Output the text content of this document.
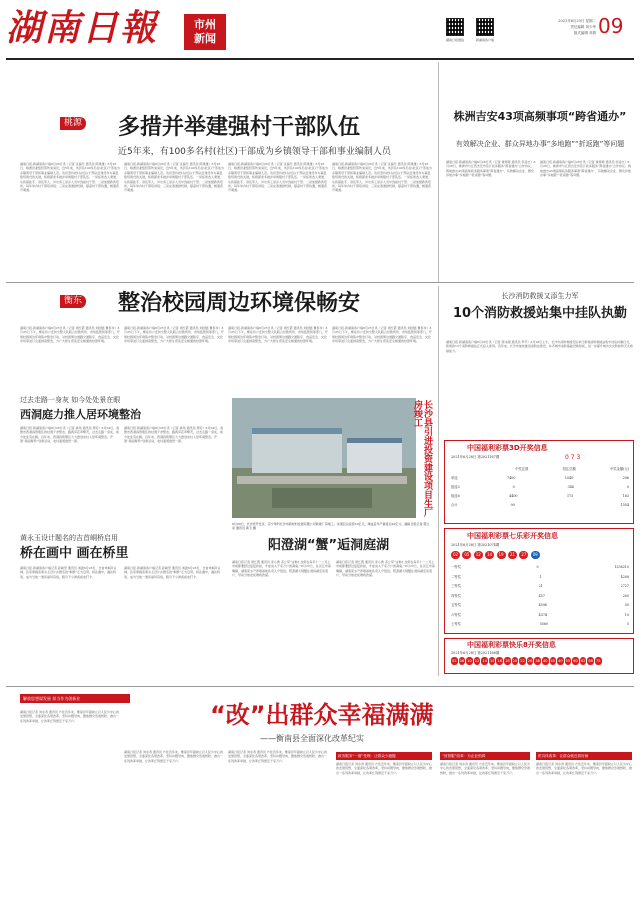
湖南日報	市州
新闻	湖南日报微信	新湖南客户端
2021年6月29日 星期二
责任编辑 刘少华
版式编辑 邓倩 09
桃源 多措并举建强村干部队伍
近5年来，有100多名村(社区)干部成为乡镇领导干部和事业编制人员
湖南日报·新湖南客户端6月28日讯（记者 张福芳 通讯员 陈建雄）6月28日，桃源县委组织部传来消息，近5年来，该县有100多名村(社区)干部成为乡镇领导干部和事业编制人员。该县坚持把村(社区)干部队伍建设作为基层组织建设的关键，积极探索多措并举建强村干部队伍。一是拓宽选人渠道，从致富能手、退伍军人、外出务工返乡人员中选拔村干部；二是加强教育培训，每年举办村干部培训班；三是完善激励机制，提高村干部待遇，畅通晋升渠道。
湖南日报·新湖南客户端6月28日讯（记者 张福芳 通讯员 陈建雄）6月28日，桃源县委组织部传来消息，近5年来，该县有100多名村(社区)干部成为乡镇领导干部和事业编制人员。该县坚持把村(社区)干部队伍建设作为基层组织建设的关键，积极探索多措并举建强村干部队伍。一是拓宽选人渠道，从致富能手、退伍军人、外出务工返乡人员中选拔村干部；二是加强教育培训，每年举办村干部培训班；三是完善激励机制，提高村干部待遇，畅通晋升渠道。
湖南日报·新湖南客户端6月28日讯（记者 张福芳 通讯员 陈建雄）6月28日，桃源县委组织部传来消息，近5年来，该县有100多名村(社区)干部成为乡镇领导干部和事业编制人员。该县坚持把村(社区)干部队伍建设作为基层组织建设的关键，积极探索多措并举建强村干部队伍。一是拓宽选人渠道，从致富能手、退伍军人、外出务工返乡人员中选拔村干部；二是加强教育培训，每年举办村干部培训班；三是完善激励机制，提高村干部待遇，畅通晋升渠道。
湖南日报·新湖南客户端6月28日讯（记者 张福芳 通讯员 陈建雄）6月28日，桃源县委组织部传来消息，近5年来，该县有100多名村(社区)干部成为乡镇领导干部和事业编制人员。该县坚持把村(社区)干部队伍建设作为基层组织建设的关键，积极探索多措并举建强村干部队伍。一是拓宽选人渠道，从致富能手、退伍军人、外出务工返乡人员中选拔村干部；二是加强教育培训，每年举办村干部培训班；三是完善激励机制，提高村干部待遇，畅通晋升渠道。
株洲吉安43项高频事项“跨省通办”
有效解决企业、群众异地办事“多地跑”“折返跑”等问题
湖南日报·新湖南客户端6月28日讯（记者 黄婷婷 通讯员 李凌志）6月28日，株洲市与江西吉安市签订政务服务“跨省通办”合作协议。两地推出43项高频政务服务事项“跨省通办”，有效解决企业、群众异地办事“多地跑”“折返跑”等问题。
湖南日报·新湖南客户端6月28日讯（记者 黄婷婷 通讯员 李凌志）6月28日，株洲市与江西吉安市签订政务服务“跨省通办”合作协议。两地推出43项高频政务服务事项“跨省通办”，有效解决企业、群众异地办事“多地跑”“折返跑”等问题。
衡东 整治校园周边环境保畅安
湖南日报·新湖南客户端6月25日讯（记者 周红霞 通讯员 刘国强 曹泰华）6月25日下午，衡东县公安局交警大队联合县教育局、市场监管局等部门，开展校园周边环境集中整治行动，对校园周边道路交通秩序、食品安全、文化市场等进行全面排查整治，为广大师生营造安全畅通的校园环境。
湖南日报·新湖南客户端6月25日讯（记者 周红霞 通讯员 刘国强 曹泰华）6月25日下午，衡东县公安局交警大队联合县教育局、市场监管局等部门，开展校园周边环境集中整治行动，对校园周边道路交通秩序、食品安全、文化市场等进行全面排查整治，为广大师生营造安全畅通的校园环境。
湖南日报·新湖南客户端6月25日讯（记者 周红霞 通讯员 刘国强 曹泰华）6月25日下午，衡东县公安局交警大队联合县教育局、市场监管局等部门，开展校园周边环境集中整治行动，对校园周边道路交通秩序、食品安全、文化市场等进行全面排查整治，为广大师生营造安全畅通的校园环境。
湖南日报·新湖南客户端6月25日讯（记者 周红霞 通讯员 刘国强 曹泰华）6月25日下午，衡东县公安局交警大队联合县教育局、市场监管局等部门，开展校园周边环境集中整治行动，对校园周边道路交通秩序、食品安全、文化市场等进行全面排查整治，为广大师生营造安全畅通的校园环境。
长沙消防救援又添生力军
10个消防救援站集中挂队执勤
湖南日报·新湖南客户端6月28日讯（记者 陈永刚 通讯员 罗平）6月28日上午，长沙市消防救援支队举行新建消防救援站集中挂队执勤仪式，新建的10个消防救援站正式投入使用。近年来，长沙市加快推进消防站建设，补齐城市消防基础设施短板，进一步提升城市火灾防控和灭火救援能力。
过去走路一身灰 如今处处景在眼
西洞庭力推人居环境整治
湖南日报·新湖南客户端6月28日讯（记者 龚伟 通讯员 周宏）6月24日，常德市西洞庭管理区的村道干净整洁，路两旁花草繁茂，过去走路一身灰，如今处处景在眼。近年来，西洞庭管理区大力推进农村人居环境整治，开展“美丽屋场”创建活动，农村面貌焕然一新。
湖南日报·新湖南客户端6月28日讯（记者 龚伟 通讯员 周宏）6月24日，常德市西洞庭管理区的村道干净整洁，路两旁花草繁茂，过去走路一身灰，如今处处景在眼。近年来，西洞庭管理区大力推进农村人居环境整治，开展“美丽屋场”创建活动，农村面貌焕然一新。	长沙县引进投资建设项目生厂房竣工
6月28日，长沙县开发区，京宁乘科长沙市新材料发展有限公司新建厂房竣工。该项目总投资10亿元，建成后年产值将达20亿元。湖南日报记者 郭立亮 通讯员 黄飞 摄
中国福利彩票3D开奖信息
2021年6月28日 第2021167期	0 7 3
中奖注数	投注总额	中奖金额(元)
单选	7400	1040	296
组选3	0	346	0
组选6	4400	173	163
合计	90	1554
中国福利彩票七乐彩开奖信息
2021年6月28日 第2021074期
02 05 12 14 19 21 27 09
一等奖	0	1336210
二等奖	1	4208
三等奖	21	2727
四等奖	457	200
五等奖	4596	50
六等奖	4374	10
七等奖	5560	5
中国福利彩票快乐8开奖信息
2021年6月28日 第2021168期
02 06 10 12 14 15 16 18 20 22 28 38 40 45 49 55 60 62 68 75
黄永玉设计题名的吉首峒桥启用
桥在画中 画在桥里
湖南日报·新湖南客户端记者 孙敏坚 通讯员 刘振6月28日，吉首市峒河古城，张家界画家黄永玉设计并题名的“峒桥”正式启用。桥在画中，画在桥里，成为当地一道亮丽风景线，吸引不少游客前来打卡。
湖南日报·新湖南客户端记者 孙敏坚 通讯员 刘振6月28日，吉首市峒河古城，张家界画家黄永玉设计并题名的“峒桥”正式启用。桥在画中，画在桥里，成为当地一道亮丽风景线，吸引不少游客前来打卡。
阳澄湖“蟹”逅洞庭湖
湖南日报记者 周红霞 通讯员 李小勇 邓立军“这种小龙虾在每年十一二月上市前都要经过层层检验，才能进入千家万户的餐桌。”6月22日，在沅江市南嘴镇，湖南某水产养殖基地负责人介绍说，阳澄湖大闸蟹在洞庭湖安家落户，带动当地农民增收致富。
湖南日报记者 周红霞 通讯员 李小勇 邓立军“这种小龙虾在每年十一二月上市前都要经过层层检验，才能进入千家万户的餐桌。”6月22日，在沅江市南嘴镇，湖南某水产养殖基地负责人介绍说，阳澄湖大闸蟹在洞庭湖安家落户，带动当地农民增收致富。
解放思想谋发展 担当作为创新业
“改”出群众幸福满满
——衡南县全面深化改革纪实
湖南日报记者 刘永涛 通讯员 方佳近年来，衡南县牢固树立以人民为中心的发展思想，全面深化各项改革，坚持问题导向，聚焦群众急难愁盼，推出一系列改革举措，让改革红利惠及千家万户。
湖南日报记者 刘永涛 通讯员 方佳近年来，衡南县牢固树立以人民为中心的发展思想，全面深化各项改革，坚持问题导向，聚焦群众急难愁盼，推出一系列改革举措，让改革红利惠及千家万户。
湖南日报记者 刘永涛 通讯员 方佳近年来，衡南县牢固树立以人民为中心的发展思想，全面深化各项改革，坚持问题导向，聚焦群众急难愁盼，推出一系列改革举措，让改革红利惠及千家万户。
政务服务“一窗”受理：让群众少跑腿
湖南日报记者 刘永涛 通讯员 方佳近年来，衡南县牢固树立以人民为中心的发展思想，全面深化各项改革，坚持问题导向，聚焦群众急难愁盼，推出一系列改革举措，让改革红利惠及千家万户。
“放管服”改革：为企业松绑
湖南日报记者 刘永涛 通讯员 方佳近年来，衡南县牢固树立以人民为中心的发展思想，全面深化各项改革，坚持问题导向，聚焦群众急难愁盼，推出一系列改革举措，让改革红利惠及千家万户。
医共体改革：让群众就近看好病
湖南日报记者 刘永涛 通讯员 方佳近年来，衡南县牢固树立以人民为中心的发展思想，全面深化各项改革，坚持问题导向，聚焦群众急难愁盼，推出一系列改革举措，让改革红利惠及千家万户。
